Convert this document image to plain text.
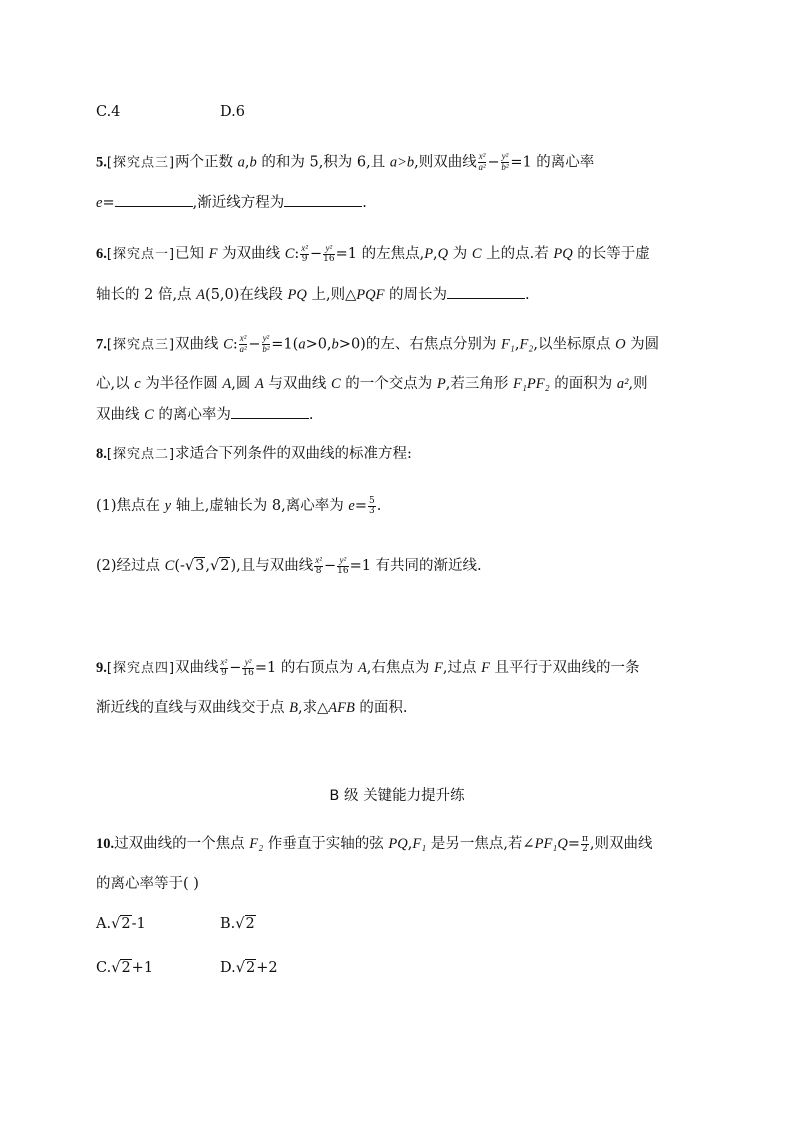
C.4	D.6
5.[探究点三]两个正数 a,b 的和为 5,积为 6,且 a>b,则双曲线 $\frac{\text{x²}}{\text{a²}} - \frac{\text{y²}}{\text{b²}} =1$ 的离心率
e=	,渐近线方程为	.
6.[探究点一]已知 F 为双曲线 C: $\frac{\text{x²}}{9} - \frac{\text{y²}}{16} =1$ 的左焦点,P,Q 为 C 上的点.若 PQ 的长等于虚
轴长的 2 倍,点 A(5,0)在线段 PQ 上,则△PQF 的周长为	.
7.[探究点三]双曲线 C: $\frac{\text{x²}}{\text{a²}} - \frac{\text{y²}}{\text{b²}} =1(a>0,b>0)$的左、右焦点分别为 F₁,F₂,以坐标原点 O 为圆
心,以 c 为半径作圆 A,圆 A 与双曲线 C 的一个交点为 P,若三角形 F₁PF₂ 的面积为 a²,则
双曲线 C 的离心率为	.
8.[探究点二]求适合下列条件的双曲线的标准方程:
(1)焦点在 y 轴上,虚轴长为 8,离心率为 $e= \frac{5}{3}$ .
(2)经过点 C(-√3,√2),且与双曲线 $\frac{\text{x²}}{8} - \frac{\text{y²}}{16} =1$ 有共同的渐近线.
9.[探究点四]双曲线 $\frac{\text{x²}}{9} - \frac{\text{y²}}{16} =1$ 的右顶点为 A,右焦点为 F,过点 F 且平行于双曲线的一条
渐近线的直线与双曲线交于点 B,求△AFB 的面积.
B 级 关键能力提升练
10.过双曲线的一个焦点 F₂ 作垂直于实轴的弦 PQ,F₁ 是另一焦点,若∠PF₁Q= $\frac{\pi}{2}$ ,则双曲线
的离心率等于( )
A.√2-1	B.√2
C.√2+1	D.√2+2
